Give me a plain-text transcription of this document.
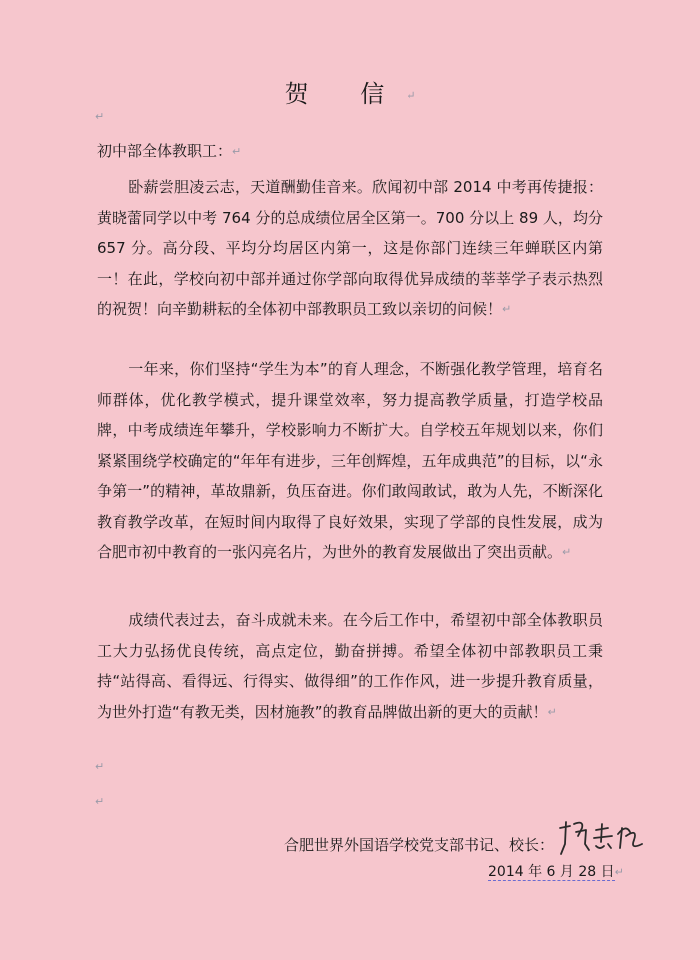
贺 信↵
↵
初中部全体教职工：↵
卧薪尝胆凌云志，天道酬勤佳音来。欣闻初中部 2014 中考再传捷报：黄晓蕾同学以中考 764 分的总成绩位居全区第一。700 分以上 89 人，均分 657 分。高分段、平均分均居区内第一，这是你部门连续三年蝉联区内第一！在此，学校向初中部并通过你学部向取得优异成绩的莘莘学子表示热烈的祝贺！向辛勤耕耘的全体初中部教职员工致以亲切的问候！↵
一年来，你们坚持“学生为本”的育人理念，不断强化教学管理，培育名师群体，优化教学模式，提升课堂效率，努力提高教学质量，打造学校品牌，中考成绩连年攀升，学校影响力不断扩大。自学校五年规划以来，你们紧紧围绕学校确定的“年年有进步，三年创辉煌，五年成典范”的目标，以“永争第一”的精神，革故鼎新，负压奋进。你们敢闯敢试，敢为人先，不断深化教育教学改革，在短时间内取得了良好效果，实现了学部的良性发展，成为合肥市初中教育的一张闪亮名片，为世外的教育发展做出了突出贡献。↵
成绩代表过去，奋斗成就未来。在今后工作中，希望初中部全体教职员工大力弘扬优良传统，高点定位，勤奋拼搏。希望全体初中部教职员工秉持“站得高、看得远、行得实、做得细”的工作作风，进一步提升教育质量，为世外打造“有教无类，因材施教”的教育品牌做出新的更大的贡献！↵
↵
↵
合肥世界外国语学校党支部书记、校长：
2014 年 6 月 28 日↵
